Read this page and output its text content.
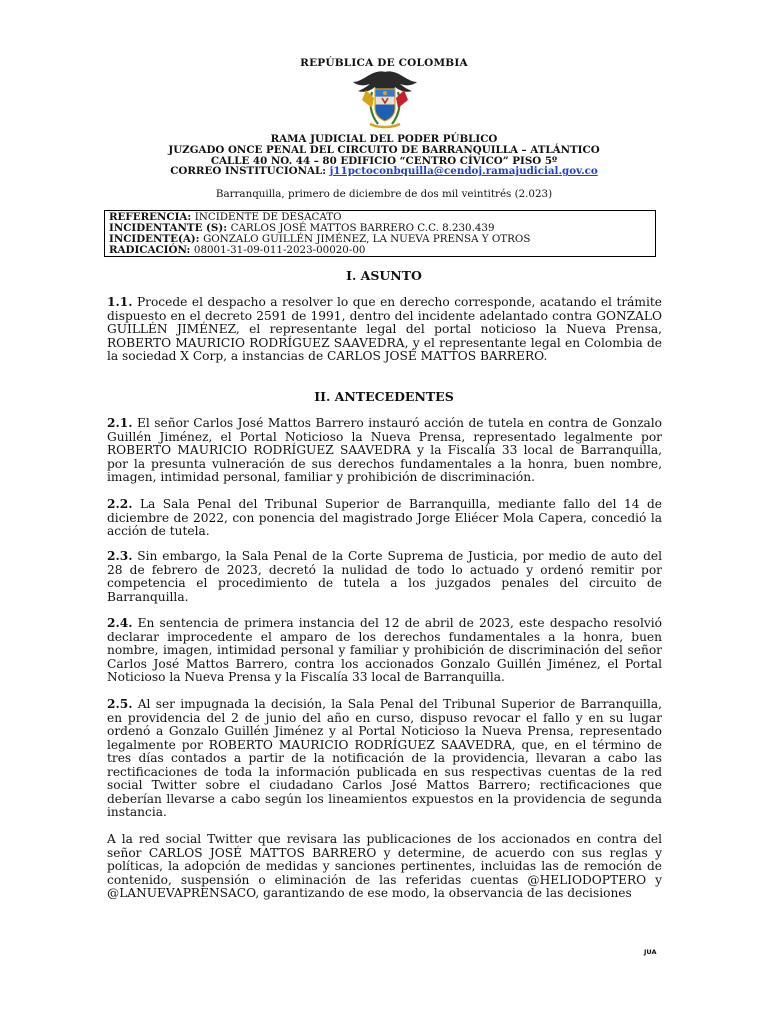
REPÚBLICA DE COLOMBIA
RAMA JUDICIAL DEL PODER PÚBLICO
JUZGADO ONCE PENAL DEL CIRCUITO DE BARRANQUILLA – ATLÁNTICO
CALLE 40 NO. 44 – 80 EDIFICIO “CENTRO CÍVICO” PISO 5º
CORREO INSTITUCIONAL: j11pctoconbquilla@cendoj.ramajudicial.gov.co
Barranquilla, primero de diciembre de dos mil veintitrés (2.023)
REFERENCIA: INCIDENTE DE DESACATO
INCIDENTANTE (S): CARLOS JOSÉ MATTOS BARRERO C.C. 8.230.439
INCIDENTE(A): GONZALO GUILLÉN JIMÉNEZ, LA NUEVA PRENSA Y OTROS
RADICACIÓN: 08001-31-09-011-2023-00020-00
I. ASUNTO
1.1. Procede el despacho a resolver lo que en derecho corresponde, acatando el trámite dispuesto en el decreto 2591 de 1991, dentro del incidente adelantado contra GONZALO GUILLÉN JIMÉNEZ, el representante legal del portal noticioso la Nueva Prensa, ROBERTO MAURICIO RODRÍGUEZ SAAVEDRA, y el representante legal en Colombia de la sociedad X Corp, a instancias de CARLOS JOSÉ MATTOS BARRERO.
II. ANTECEDENTES
2.1. El señor Carlos José Mattos Barrero instauró acción de tutela en contra de Gonzalo Guillén Jiménez, el Portal Noticioso la Nueva Prensa, representado legalmente por ROBERTO MAURICIO RODRÍGUEZ SAAVEDRA y la Fiscalía 33 local de Barranquilla, por la presunta vulneración de sus derechos fundamentales a la honra, buen nombre, imagen, intimidad personal, familiar y prohibición de discriminación.
2.2. La Sala Penal del Tribunal Superior de Barranquilla, mediante fallo del 14 de diciembre de 2022, con ponencia del magistrado Jorge Eliécer Mola Capera, concedió la acción de tutela.
2.3. Sin embargo, la Sala Penal de la Corte Suprema de Justicia, por medio de auto del 28 de febrero de 2023, decretó la nulidad de todo lo actuado y ordenó remitir por competencia el procedimiento de tutela a los juzgados penales del circuito de Barranquilla.
2.4. En sentencia de primera instancia del 12 de abril de 2023, este despacho resolvió declarar improcedente el amparo de los derechos fundamentales a la honra, buen nombre, imagen, intimidad personal y familiar y prohibición de discriminación del señor Carlos José Mattos Barrero, contra los accionados Gonzalo Guillén Jiménez, el Portal Noticioso la Nueva Prensa y la Fiscalía 33 local de Barranquilla.
2.5. Al ser impugnada la decisión, la Sala Penal del Tribunal Superior de Barranquilla, en providencia del 2 de junio del año en curso, dispuso revocar el fallo y en su lugar ordenó a Gonzalo Guillén Jiménez y al Portal Noticioso la Nueva Prensa, representado legalmente por ROBERTO MAURICIO RODRÍGUEZ SAAVEDRA, que, en el término de tres días contados a partir de la notificación de la providencia, llevaran a cabo las rectificaciones de toda la información publicada en sus respectivas cuentas de la red social Twitter sobre el ciudadano Carlos José Mattos Barrero; rectificaciones que deberían llevarse a cabo según los lineamientos expuestos en la providencia de segunda instancia.
A la red social Twitter que revisara las publicaciones de los accionados en contra del señor CARLOS JOSÉ MATTOS BARRERO y determine, de acuerdo con sus reglas y políticas, la adopción de medidas y sanciones pertinentes, incluidas las de remoción de contenido, suspensión o eliminación de las referidas cuentas @HELIODOPTERO y @LANUEVAPRENSACO, garantizando de ese modo, la observancia de las decisiones
JUA
